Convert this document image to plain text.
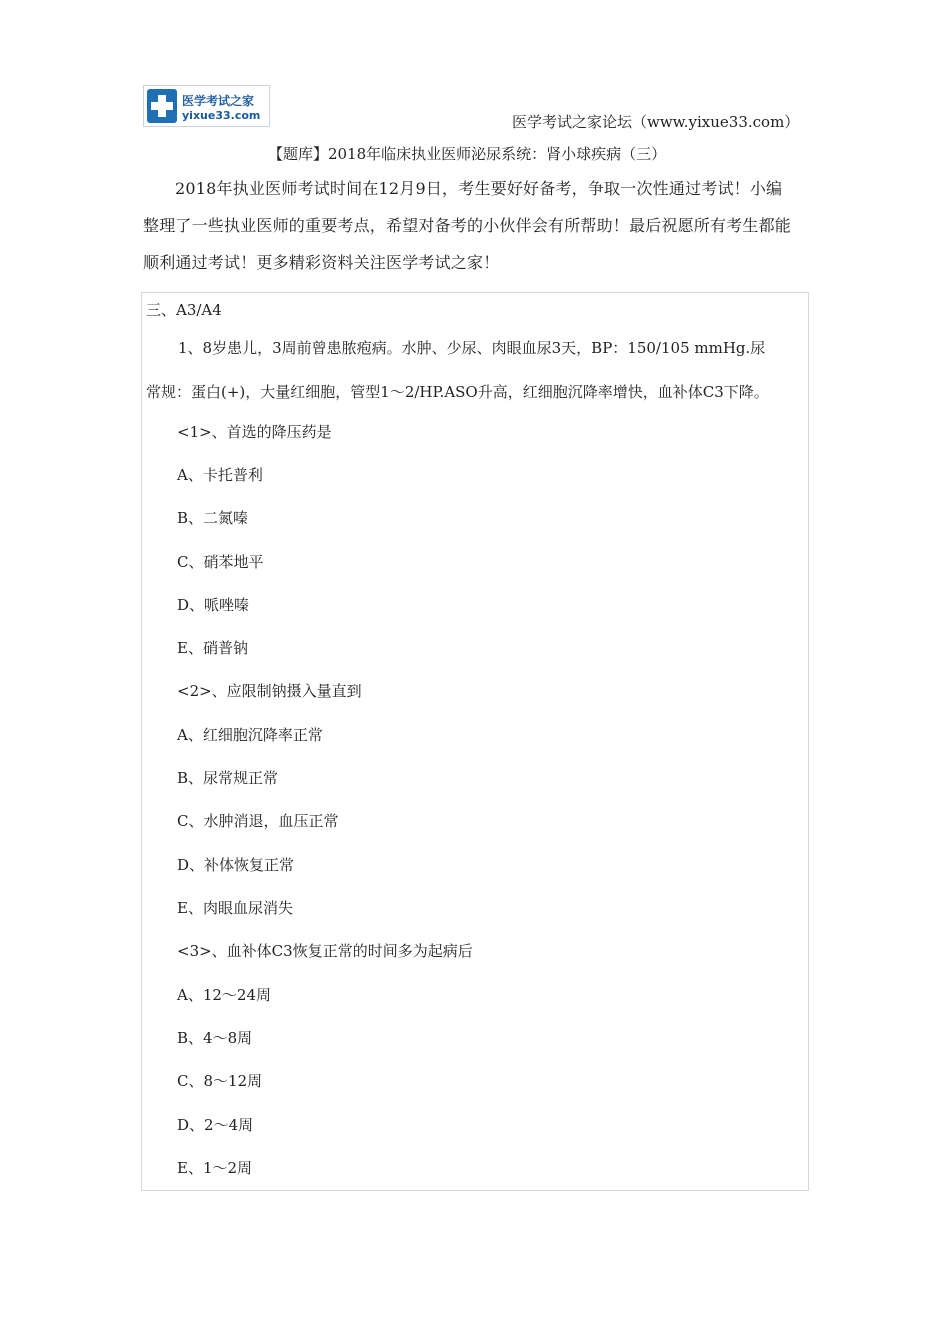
医学考试之家
yixue33.com	医学考试之家论坛（www.yixue33.com）
【题库】2018年临床执业医师泌尿系统：肾小球疾病（三）
2018年执业医师考试时间在12月9日，考生要好好备考，争取一次性通过考试！小编
整理了一些执业医师的重要考点，希望对备考的小伙伴会有所帮助！最后祝愿所有考生都能
顺利通过考试！更多精彩资料关注医学考试之家！
三、A3/A4
1、8岁患儿，3周前曾患脓疱病。水肿、少尿、肉眼血尿3天，BP：150/105 mmHg.尿
常规：蛋白(+)，大量红细胞，管型1～2/HP.ASO升高，红细胞沉降率增快，血补体C3下降。
<1>、首选的降压药是
A、卡托普利
B、二氮嗪
C、硝苯地平
D、哌唑嗪
E、硝普钠
<2>、应限制钠摄入量直到
A、红细胞沉降率正常
B、尿常规正常
C、水肿消退，血压正常
D、补体恢复正常
E、肉眼血尿消失
<3>、血补体C3恢复正常的时间多为起病后
A、12～24周
B、4～8周
C、8～12周
D、2～4周
E、1～2周
